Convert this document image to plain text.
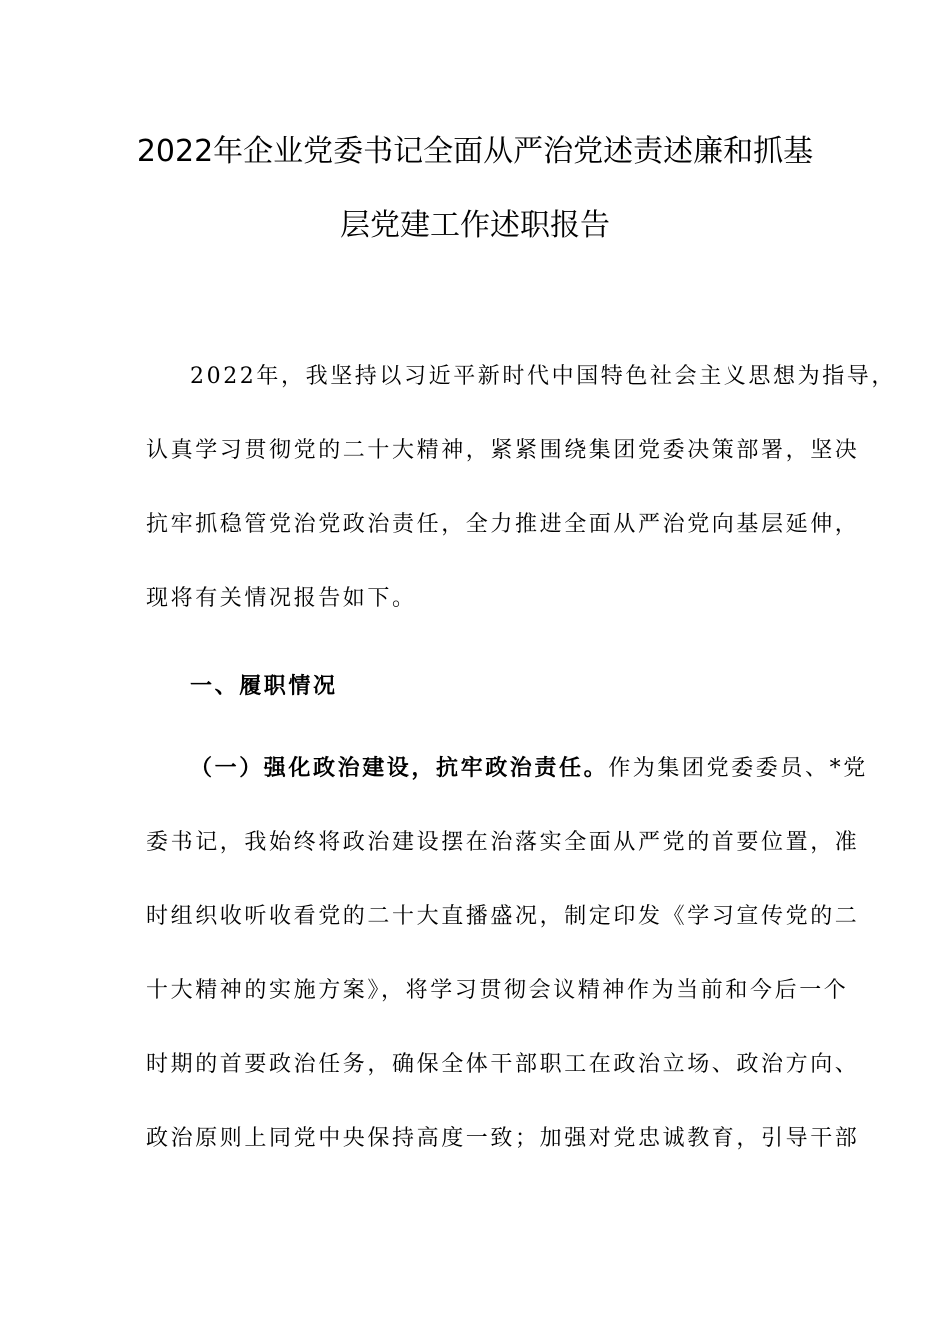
2022年企业党委书记全面从严治党述责述廉和抓基
层党建工作述职报告
2022年，我坚持以习近平新时代中国特色社会主义思想为指导，
认真学习贯彻党的二十大精神，紧紧围绕集团党委决策部署，坚决
抗牢抓稳管党治党政治责任，全力推进全面从严治党向基层延伸，
现将有关情况报告如下。
一、履职情况
（一）强化政治建设，抗牢政治责任。作为集团党委委员、*党
委书记，我始终将政治建设摆在治落实全面从严党的首要位置，准
时组织收听收看党的二十大直播盛况，制定印发《学习宣传党的二
十大精神的实施方案》，将学习贯彻会议精神作为当前和今后一个
时期的首要政治任务，确保全体干部职工在政治立场、政治方向、
政治原则上同党中央保持高度一致；加强对党忠诚教育，引导干部
